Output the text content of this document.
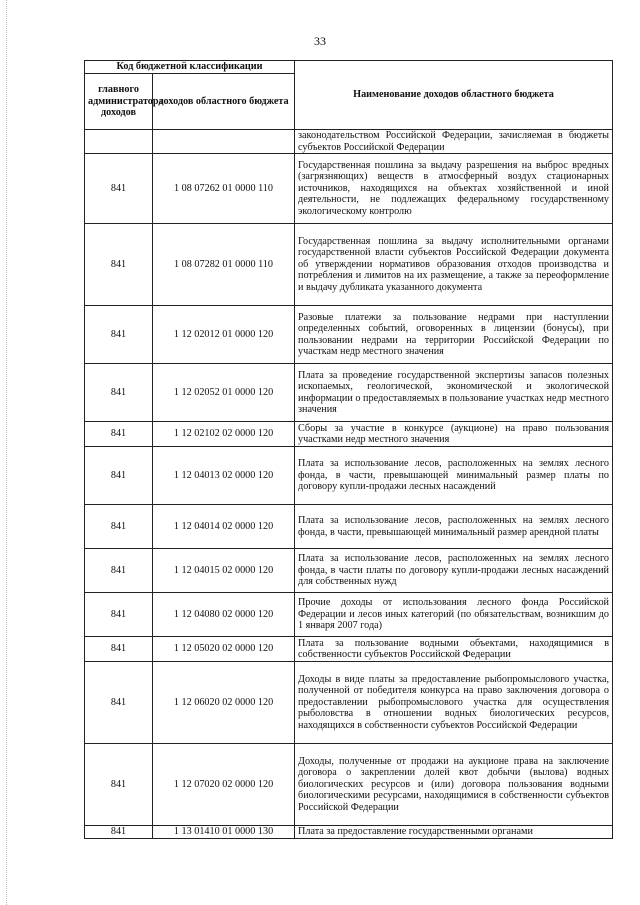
33
Код бюджетной классификации		Наименование доходов областного бюджета
главного администратора доходов	доходов областного бюджета	
		законодательством Российской Федерации, зачисляемая в бюджеты субъектов Российской Федерации
841	1 08 07262 01 0000 110	Государственная пошлина за выдачу разрешения на выброс вредных (загрязняющих) веществ в атмосферный воздух стационарных источников, находящихся на объектах хозяйственной и иной деятельности, не подлежащих федеральному государственному экологическому контролю
841	1 08 07282 01 0000 110	Государственная пошлина за выдачу исполнительными органами государственной власти субъектов Российской Федерации документа об утверждении нормативов образования отходов производства и потребления и лимитов на их размещение, а также за переоформление и выдачу дубликата указанного документа
841	1 12 02012 01 0000 120	Разовые платежи за пользование недрами при наступлении определенных событий, оговоренных в лицензии (бонусы), при пользовании недрами на территории Российской Федерации по участкам недр местного значения
841	1 12 02052 01 0000 120	Плата за проведение государственной экспертизы запасов полезных ископаемых, геологической, экономической и экологической информации о предоставляемых в пользование участках недр местного значения
841	1 12 02102 02 0000 120	Сборы за участие в конкурсе (аукционе) на право пользования участками недр местного значения
841	1 12 04013 02 0000 120	Плата за использование лесов, расположенных на землях лесного фонда, в части, превышающей минимальный размер платы по договору купли-продажи лесных насаждений
841	1 12 04014 02 0000 120	Плата за использование лесов, расположенных на землях лесного фонда, в части, превышающей минимальный размер арендной платы
841	1 12 04015 02 0000 120	Плата за использование лесов, расположенных на землях лесного фонда, в части платы по договору купли-продажи лесных насаждений для собственных нужд
841	1 12 04080 02 0000 120	Прочие доходы от использования лесного фонда Российской Федерации и лесов иных категорий (по обязательствам, возникшим до 1 января 2007 года)
841	1 12 05020 02 0000 120	Плата за пользование водными объектами, находящимися в собственности субъектов Российской Федерации
841	1 12 06020 02 0000 120	Доходы в виде платы за предоставление рыбопромыслового участка, полученной от победителя конкурса на право заключения договора о предоставлении рыбопромыслового участка для осуществления рыболовства в отношении водных биологических ресурсов, находящихся в собственности субъектов Российской Федерации
841	1 12 07020 02 0000 120	Доходы, полученные от продажи на аукционе права на заключение договора о закреплении долей квот добычи (вылова) водных биологических ресурсов и (или) договора пользования водными биологическими ресурсами, находящимися в собственности субъектов Российской Федерации
841	1 13 01410 01 0000 130	Плата за предоставление государственными органами
